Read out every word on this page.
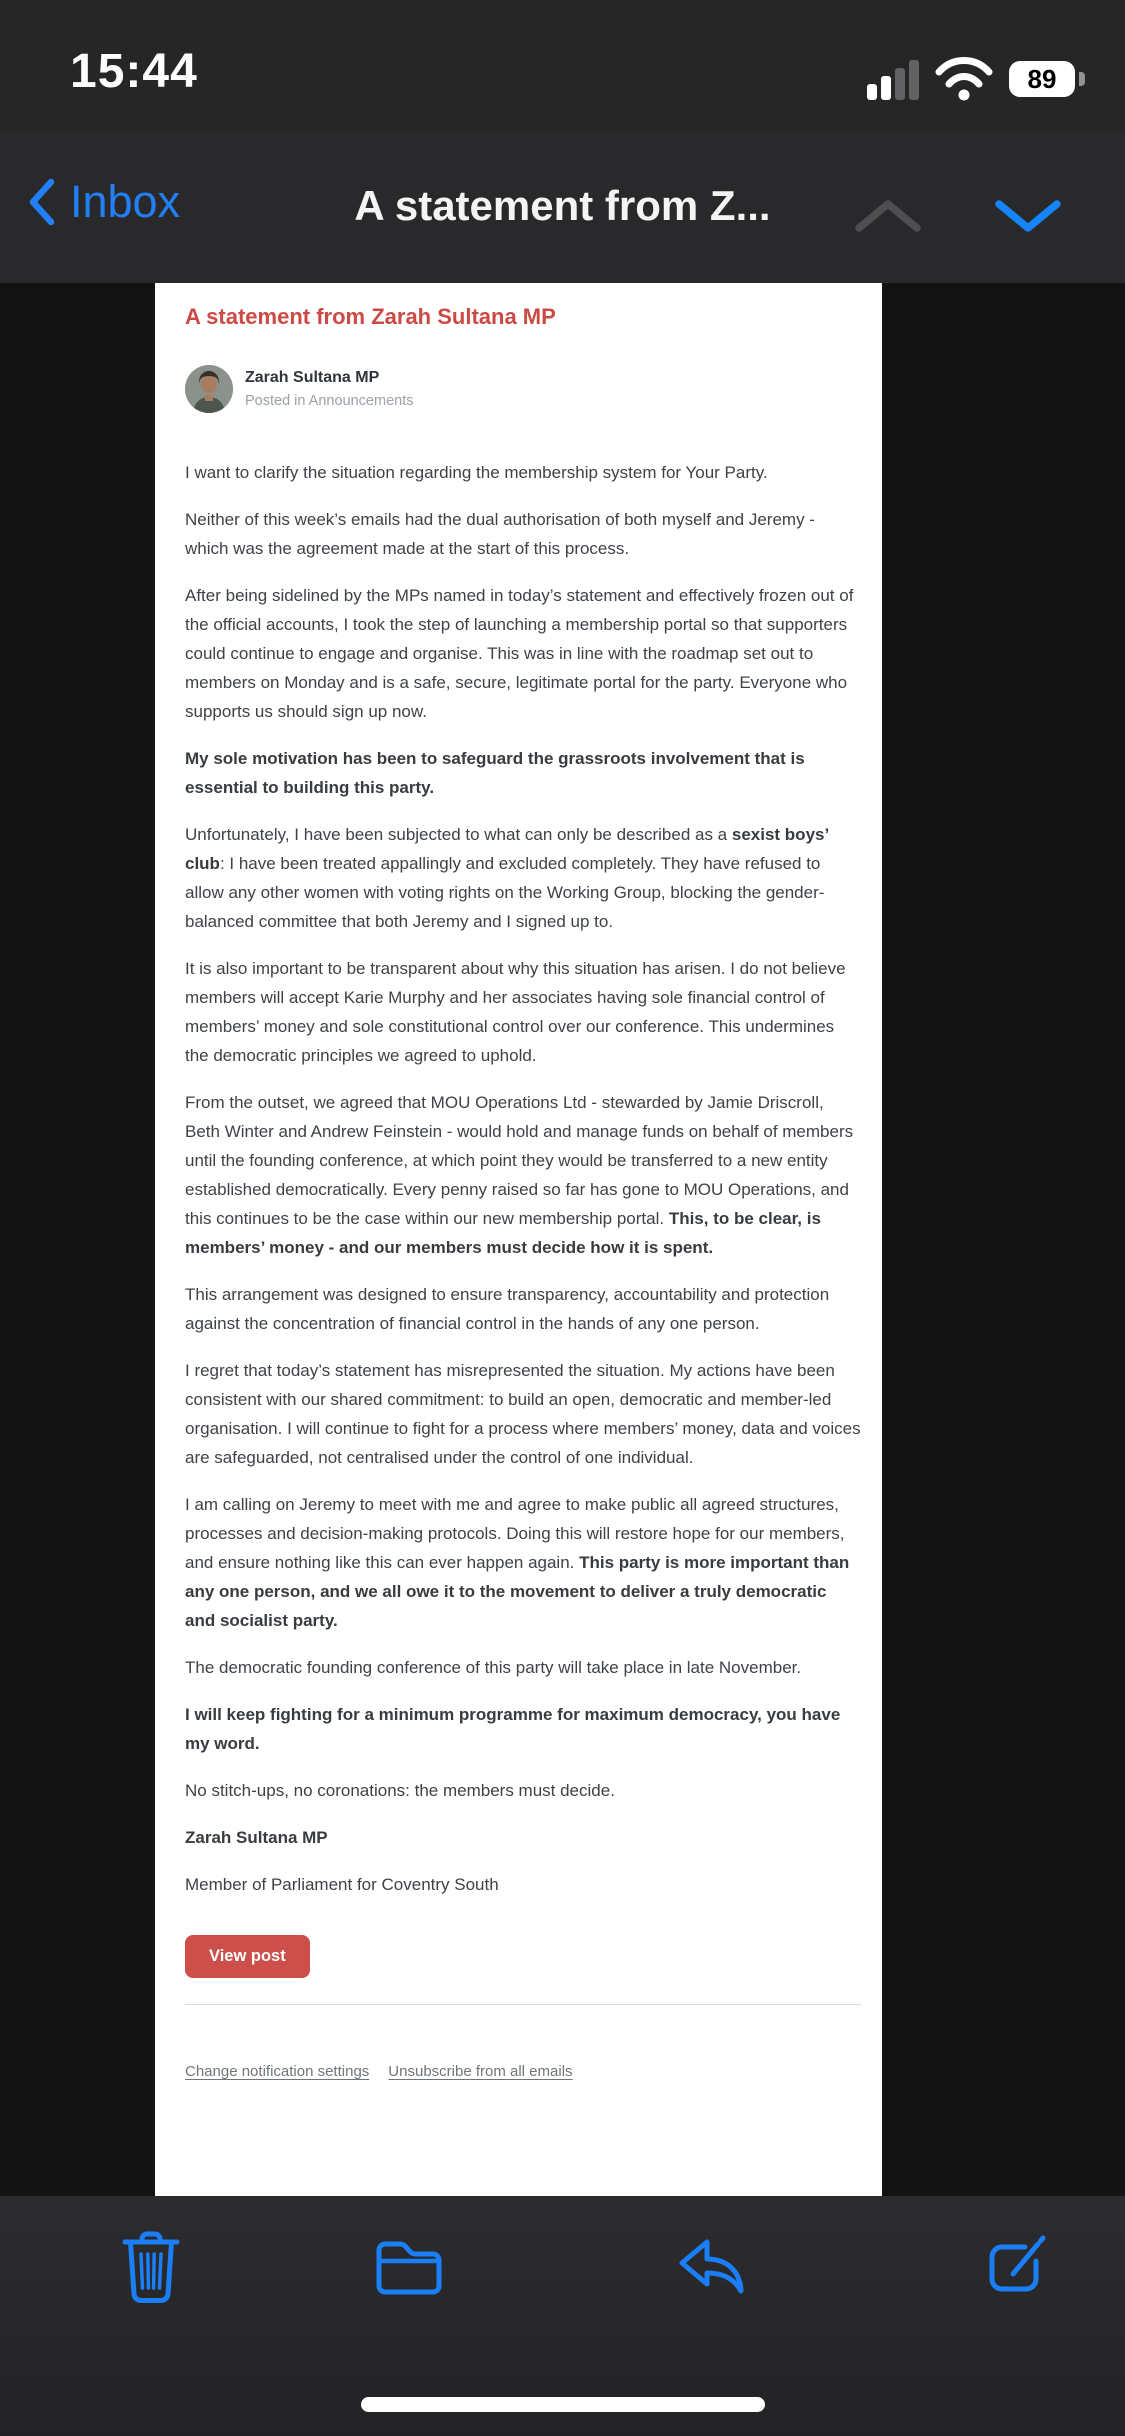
15:44	89
Inbox	A statement from Z...
A statement from Zarah Sultana MP
Zarah Sultana MP
Posted in Announcements

I want to clarify the situation regarding the membership system for Your Party.

Neither of this week’s emails had the dual authorisation of both myself and Jeremy - which was the agreement made at the start of this process.

After being sidelined by the MPs named in today’s statement and effectively frozen out of the official accounts, I took the step of launching a membership portal so that supporters could continue to engage and organise. This was in line with the roadmap set out to members on Monday and is a safe, secure, legitimate portal for the party. Everyone who supports us should sign up now.

My sole motivation has been to safeguard the grassroots involvement that is essential to building this party.

Unfortunately, I have been subjected to what can only be described as a sexist boys’ club: I have been treated appallingly and excluded completely. They have refused to allow any other women with voting rights on the Working Group, blocking the gender-balanced committee that both Jeremy and I signed up to.

It is also important to be transparent about why this situation has arisen. I do not believe members will accept Karie Murphy and her associates having sole financial control of members’ money and sole constitutional control over our conference. This undermines the democratic principles we agreed to uphold.

From the outset, we agreed that MOU Operations Ltd - stewarded by Jamie Driscroll, Beth Winter and Andrew Feinstein - would hold and manage funds on behalf of members until the founding conference, at which point they would be transferred to a new entity established democratically. Every penny raised so far has gone to MOU Operations, and this continues to be the case within our new membership portal. This, to be clear, is members’ money - and our members must decide how it is spent.

This arrangement was designed to ensure transparency, accountability and protection against the concentration of financial control in the hands of any one person.

I regret that today’s statement has misrepresented the situation. My actions have been consistent with our shared commitment: to build an open, democratic and member-led organisation. I will continue to fight for a process where members’ money, data and voices are safeguarded, not centralised under the control of one individual.

I am calling on Jeremy to meet with me and agree to make public all agreed structures, processes and decision-making protocols. Doing this will restore hope for our members, and ensure nothing like this can ever happen again. This party is more important than any one person, and we all owe it to the movement to deliver a truly democratic and socialist party.

The democratic founding conference of this party will take place in late November.

I will keep fighting for a minimum programme for maximum democracy, you have my word.

No stitch-ups, no coronations: the members must decide.

Zarah Sultana MP

Member of Parliament for Coventry South

View post
Change notification settings Unsubscribe from all emails
